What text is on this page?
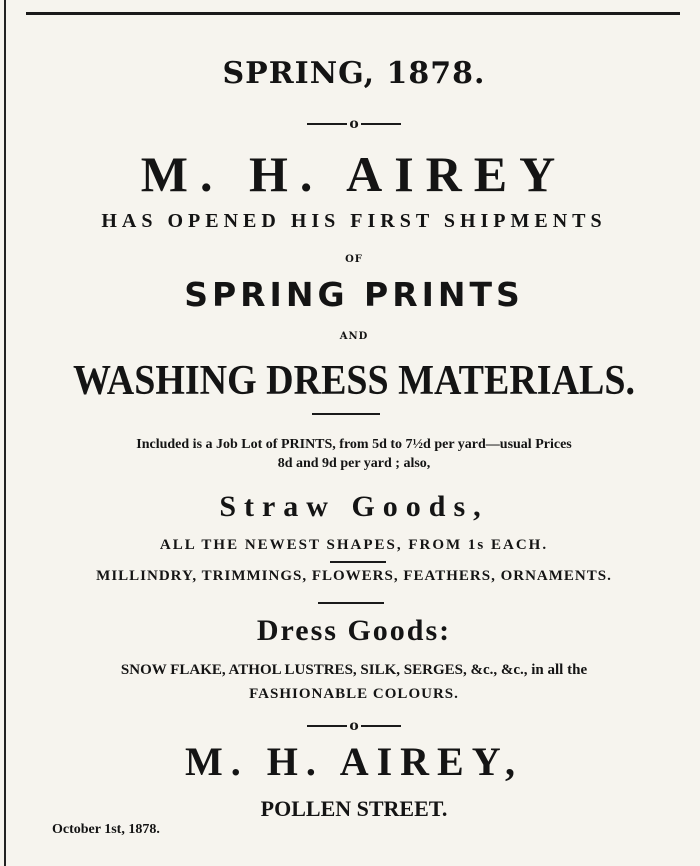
SPRING, 1878.
o
M. H. AIREY
HAS OPENED HIS FIRST SHIPMENTS
OF
SPRING PRINTS
AND
WASHING DRESS MATERIALS.
Included is a Job Lot of PRINTS, from 5d to 7½d per yard—usual Prices
8d and 9d per yard ; also,
Straw Goods,
ALL THE NEWEST SHAPES, FROM 1s EACH.
MILLINDRY, TRIMMINGS, FLOWERS, FEATHERS, ORNAMENTS.
Dress Goods:
SNOW FLAKE, ATHOL LUSTRES, SILK, SERGES, &c., &c., in all the
FASHIONABLE COLOURS.
o
M. H. AIREY,
POLLEN STREET.
October 1st, 1878.
